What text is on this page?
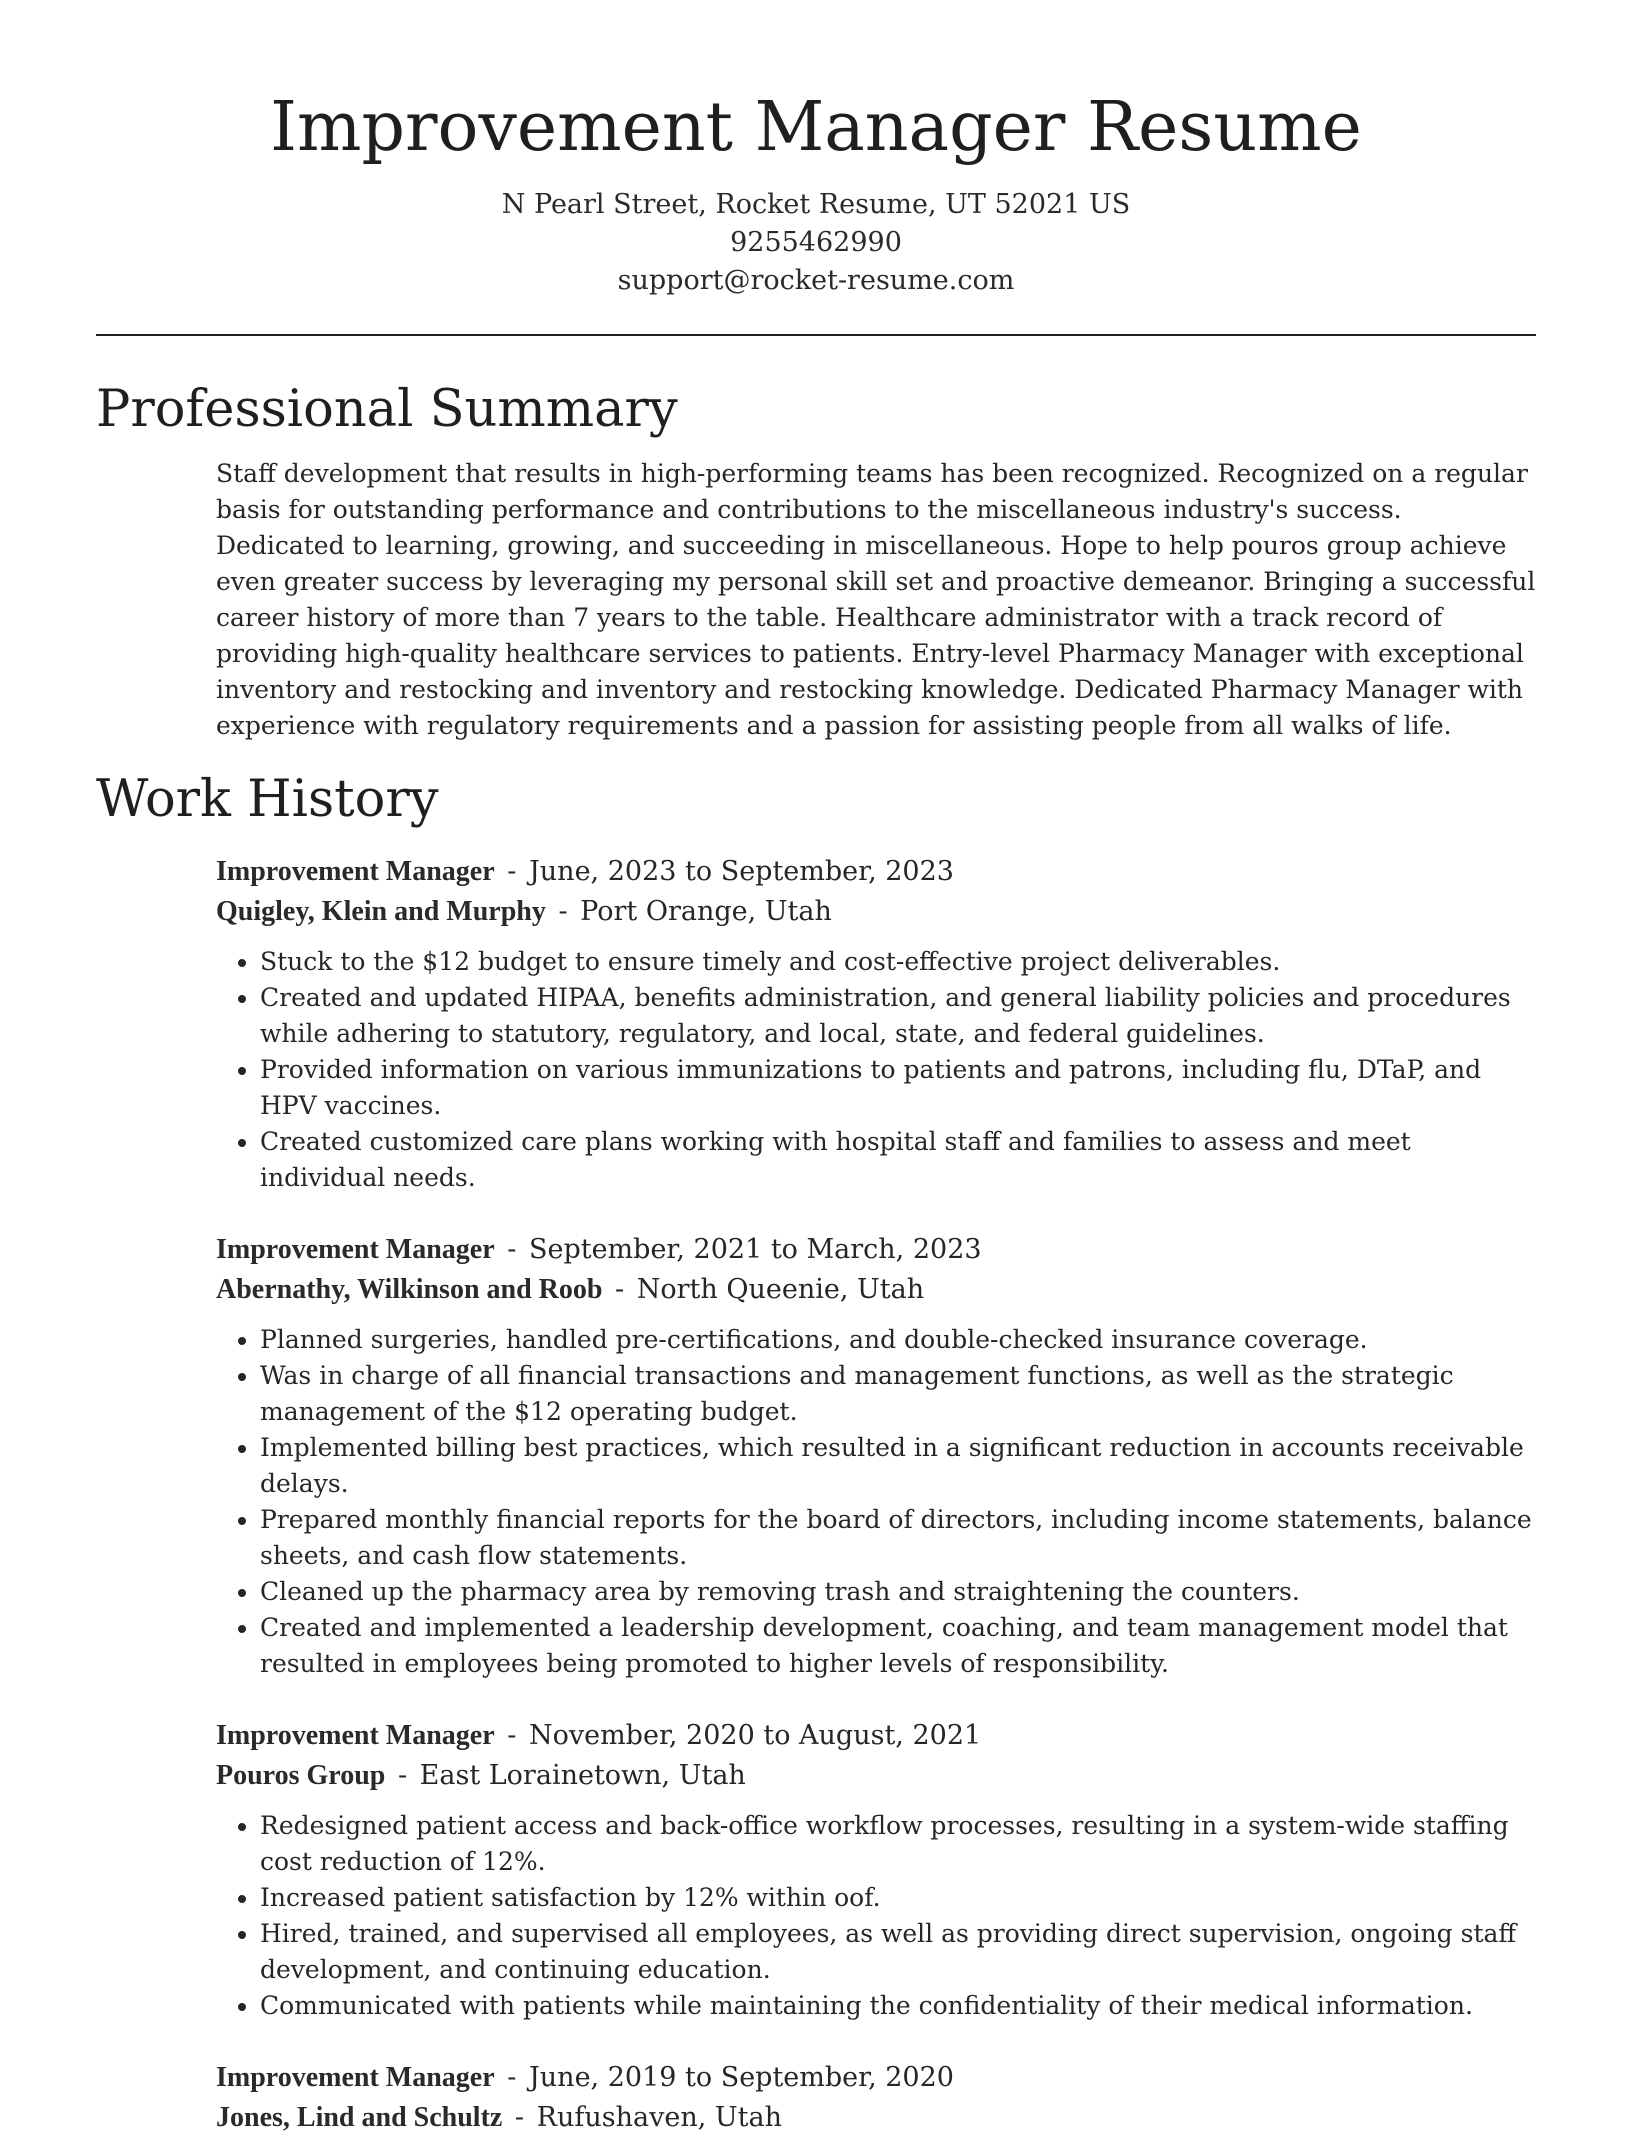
Improvement Manager Resume
N Pearl Street, Rocket Resume, UT 52021 US
9255462990
support@rocket-resume.com
Professional Summary
Staff development that results in high-performing teams has been recognized. Recognized on a regular basis for outstanding performance and contributions to the miscellaneous industry's success. Dedicated to learning, growing, and succeeding in miscellaneous. Hope to help pouros group achieve even greater success by leveraging my personal skill set and proactive demeanor. Bringing a successful career history of more than 7 years to the table. Healthcare administrator with a track record of providing high-quality healthcare services to patients. Entry-level Pharmacy Manager with exceptional inventory and restocking and inventory and restocking knowledge. Dedicated Pharmacy Manager with experience with regulatory requirements and a passion for assisting people from all walks of life.
Work History
Improvement Manager - June, 2023 to September, 2023
Quigley, Klein and Murphy - Port Orange, Utah
• Stuck to the $12 budget to ensure timely and cost-effective project deliverables.
• Created and updated HIPAA, benefits administration, and general liability policies and procedures while adhering to statutory, regulatory, and local, state, and federal guidelines.
• Provided information on various immunizations to patients and patrons, including flu, DTaP, and HPV vaccines.
• Created customized care plans working with hospital staff and families to assess and meet individual needs.
Improvement Manager - September, 2021 to March, 2023
Abernathy, Wilkinson and Roob - North Queenie, Utah
• Planned surgeries, handled pre-certifications, and double-checked insurance coverage.
• Was in charge of all financial transactions and management functions, as well as the strategic management of the $12 operating budget.
• Implemented billing best practices, which resulted in a significant reduction in accounts receivable delays.
• Prepared monthly financial reports for the board of directors, including income statements, balance sheets, and cash flow statements.
• Cleaned up the pharmacy area by removing trash and straightening the counters.
• Created and implemented a leadership development, coaching, and team management model that resulted in employees being promoted to higher levels of responsibility.
Improvement Manager - November, 2020 to August, 2021
Pouros Group - East Lorainetown, Utah
• Redesigned patient access and back-office workflow processes, resulting in a system-wide staffing cost reduction of 12%.
• Increased patient satisfaction by 12% within oof.
• Hired, trained, and supervised all employees, as well as providing direct supervision, ongoing staff development, and continuing education.
• Communicated with patients while maintaining the confidentiality of their medical information.
Improvement Manager - June, 2019 to September, 2020
Jones, Lind and Schultz - Rufushaven, Utah
